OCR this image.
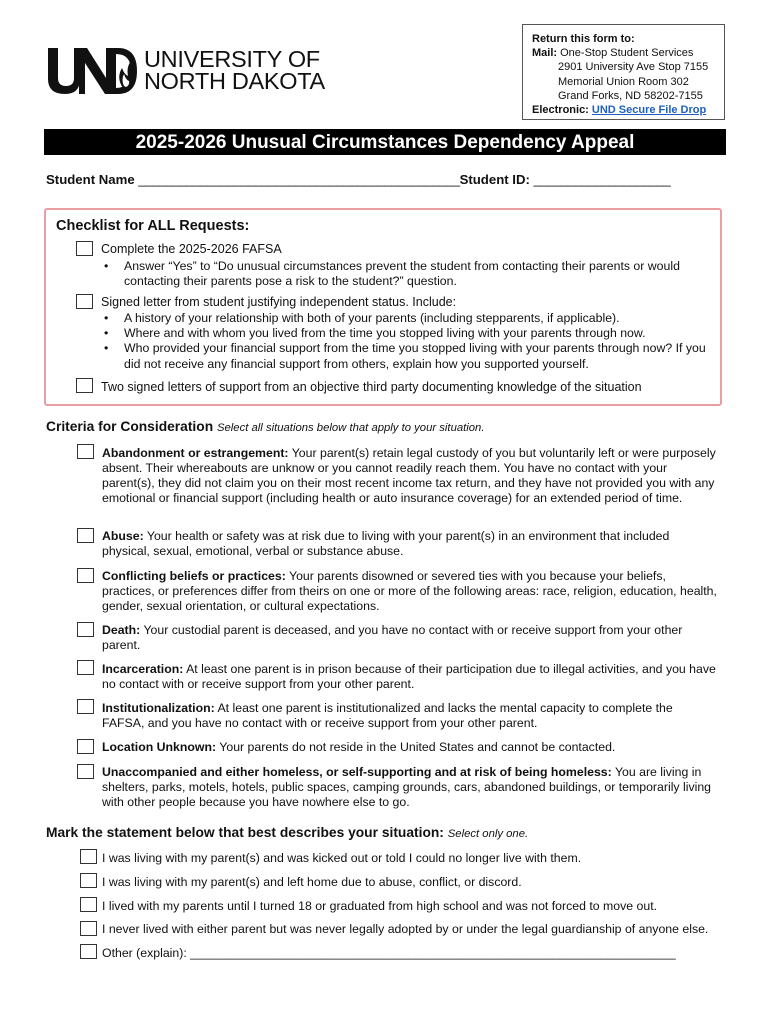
UNIVERSITY OF
NORTH DAKOTA
Return this form to:
Mail: One-Stop Student Services
2901 University Ave Stop 7155
Memorial Union Room 302
Grand Forks, ND 58202-7155
Electronic: UND Secure File Drop
2025-2026 Unusual Circumstances Dependency Appeal
Student Name _______________________________________________Student ID: ____________________
Checklist for ALL Requests:
Complete the 2025-2026 FAFSA
• Answer “Yes” to “Do unusual circumstances prevent the student from contacting their parents or would contacting their parents pose a risk to the student?” question.
Signed letter from student justifying independent status. Include:
• A history of your relationship with both of your parents (including stepparents, if applicable).
• Where and with whom you lived from the time you stopped living with your parents through now.
• Who provided your financial support from the time you stopped living with your parents through now? If you did not receive any financial support from others, explain how you supported yourself.
Two signed letters of support from an objective third party documenting knowledge of the situation
Criteria for Consideration Select all situations below that apply to your situation.
Abandonment or estrangement: Your parent(s) retain legal custody of you but voluntarily left or were purposely absent. Their whereabouts are unknow or you cannot readily reach them. You have no contact with your parent(s), they did not claim you on their most recent income tax return, and they have not provided you with any emotional or financial support (including health or auto insurance coverage) for an extended period of time.
Abuse: Your health or safety was at risk due to living with your parent(s) in an environment that included physical, sexual, emotional, verbal or substance abuse.
Conflicting beliefs or practices: Your parents disowned or severed ties with you because your beliefs, practices, or preferences differ from theirs on one or more of the following areas: race, religion, education, health, gender, sexual orientation, or cultural expectations.
Death: Your custodial parent is deceased, and you have no contact with or receive support from your other parent.
Incarceration: At least one parent is in prison because of their participation due to illegal activities, and you have no contact with or receive support from your other parent.
Institutionalization: At least one parent is institutionalized and lacks the mental capacity to complete the FAFSA, and you have no contact with or receive support from your other parent.
Location Unknown: Your parents do not reside in the United States and cannot be contacted.
Unaccompanied and either homeless, or self-supporting and at risk of being homeless: You are living in shelters, parks, motels, hotels, public spaces, camping grounds, cars, abandoned buildings, or temporarily living with other people because you have nowhere else to go.
Mark the statement below that best describes your situation: Select only one.
I was living with my parent(s) and was kicked out or told I could no longer live with them.
I was living with my parent(s) and left home due to abuse, conflict, or discord.
I lived with my parents until I turned 18 or graduated from high school and was not forced to move out.
I never lived with either parent but was never legally adopted by or under the legal guardianship of anyone else.
Other (explain): _______________________________________________________________________
